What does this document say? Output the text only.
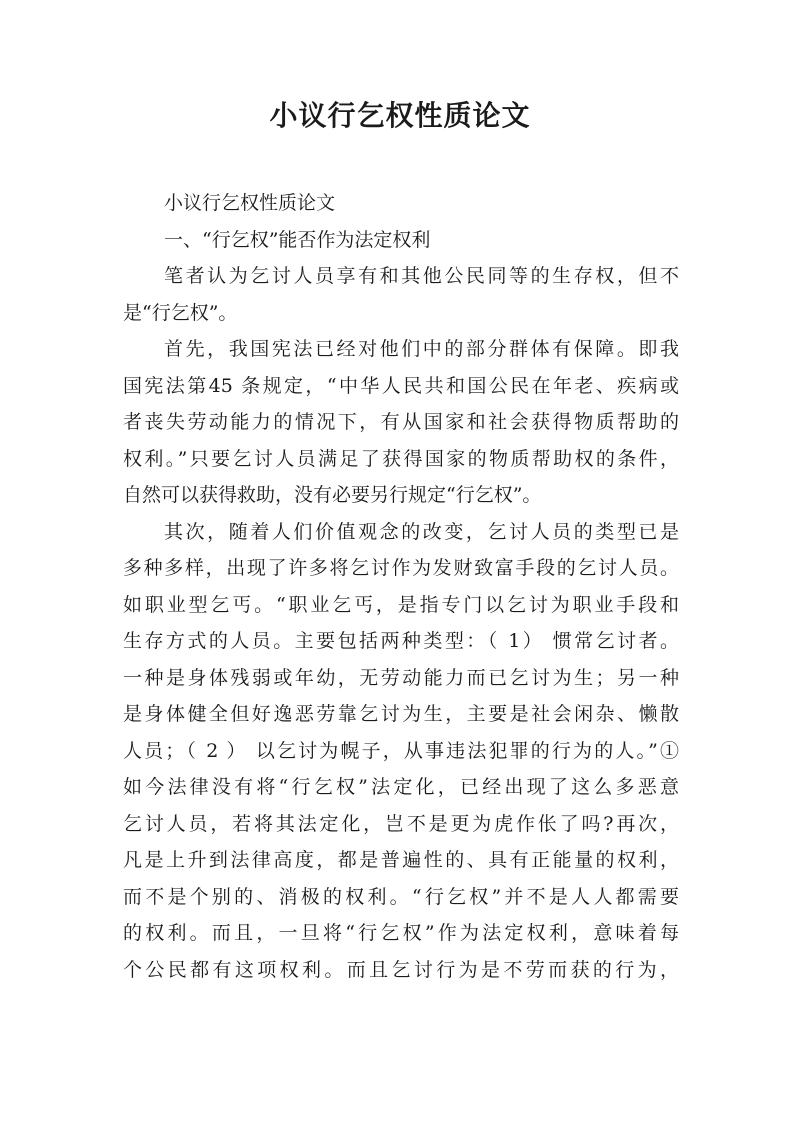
小议行乞权性质论文
小议行乞权性质论文
一、“行乞权”能否作为法定权利
笔者认为乞讨人员享有和其他公民同等的生存权，但不
是“行乞权”。
首先，我国宪法已经对他们中的部分群体有保障。即我
国宪法第45 条规定，“中华人民共和国公民在年老、疾病或
者丧失劳动能力的情况下，有从国家和社会获得物质帮助的
权利。”只要乞讨人员满足了获得国家的物质帮助权的条件，
自然可以获得救助，没有必要另行规定“行乞权”。
其次，随着人们价值观念的改变，乞讨人员的类型已是
多种多样，出现了许多将乞讨作为发财致富手段的乞讨人员。
如职业型乞丐。“职业乞丐，是指专门以乞讨为职业手段和
生存方式的人员。主要包括两种类型：（ 1） 惯常乞讨者。
一种是身体残弱或年幼，无劳动能力而已乞讨为生；另一种
是身体健全但好逸恶劳靠乞讨为生，主要是社会闲杂、懒散
人员；（ 2 ） 以乞讨为幌子，从事违法犯罪的行为的人。”①
如今法律没有将“行乞权”法定化，已经出现了这么多恶意
乞讨人员，若将其法定化，岂不是更为虎作伥了吗?再次，
凡是上升到法律高度，都是普遍性的、具有正能量的权利，
而不是个别的、消极的权利。“行乞权”并不是人人都需要
的权利。而且，一旦将“行乞权”作为法定权利，意味着每
个公民都有这项权利。而且乞讨行为是不劳而获的行为，
